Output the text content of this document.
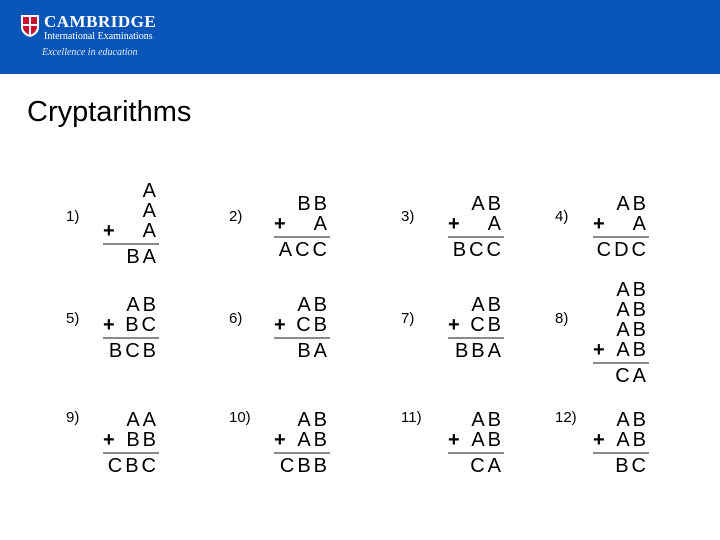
CAMBRIDGE
International Examinations
Excellence in education
Cryptarithms
1)
A
A
+ A
BA
2)
BB
+ A
ACC
3)
AB
+ A
BCC
4)
AB
+ A
CDC
5)
AB
+ BC
BCB
6)
AB
+ CB
BA
7)
AB
+ CB
BBA
8)
AB
AB
AB
+ AB
CA
9) AA
+ BB
CBC
10) AB
+ AB
CBB
11) AB
+ AB
CA
12) AB
+ AB
BC
